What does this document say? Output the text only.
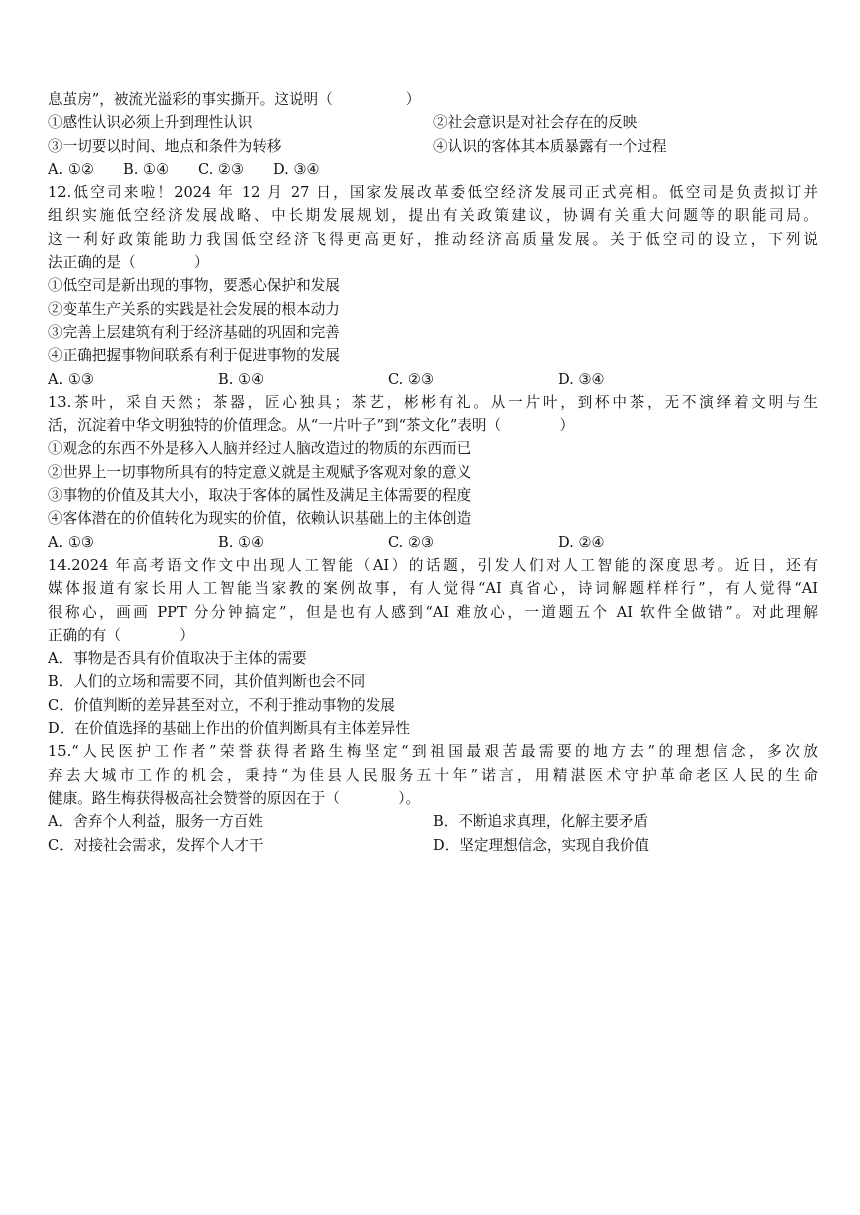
息茧房”，被流光溢彩的事实撕开。这说明（　　　　　）
①感性认识必须上升到理性认识	②社会意识是对社会存在的反映
③一切要以时间、地点和条件为转移	④认识的客体其本质暴露有一个过程
A. ①②	B. ①④	C. ②③	D. ③④
12.低空司来啦！2024 年 12 月 27 日，国家发展改革委低空经济发展司正式亮相。低空司是负责拟订并
组织实施低空经济发展战略、中长期发展规划，提出有关政策建议，协调有关重大问题等的职能司局。
这一利好政策能助力我国低空经济飞得更高更好，推动经济高质量发展。关于低空司的设立，下列说
法正确的是（　　　　）
①低空司是新出现的事物，要悉心保护和发展
②变革生产关系的实践是社会发展的根本动力
③完善上层建筑有利于经济基础的巩固和完善
④正确把握事物间联系有利于促进事物的发展
A. ①③	B. ①④	C. ②③	D. ③④
13.茶叶，采自天然；茶器，匠心独具；茶艺，彬彬有礼。从一片叶，到杯中茶，无不演绎着文明与生
活，沉淀着中华文明独特的价值理念。从“一片叶子”到“茶文化”表明（　　　　）
①观念的东西不外是移入人脑并经过人脑改造过的物质的东西而已
②世界上一切事物所具有的特定意义就是主观赋予客观对象的意义
③事物的价值及其大小，取决于客体的属性及满足主体需要的程度
④客体潜在的价值转化为现实的价值，依赖认识基础上的主体创造
A. ①③	B. ①④	C. ②③	D. ②④
14.2024 年高考语文作文中出现人工智能（AI）的话题，引发人们对人工智能的深度思考。近日，还有
媒体报道有家长用人工智能当家教的案例故事，有人觉得“AI 真省心，诗词解题样样行”，有人觉得“AI
很称心，画画 PPT 分分钟搞定”，但是也有人感到“AI 难放心，一道题五个 AI 软件全做错”。对此理解
正确的有（　　　　）
A．事物是否具有价值取决于主体的需要
B．人们的立场和需要不同，其价值判断也会不同
C．价值判断的差异甚至对立，不利于推动事物的发展
D．在价值选择的基础上作出的价值判断具有主体差异性
15.“人民医护工作者”荣誉获得者路生梅坚定“到祖国最艰苦最需要的地方去”的理想信念，多次放
弃去大城市工作的机会，秉持“为佳县人民服务五十年”诺言，用精湛医术守护革命老区人民的生命
健康。路生梅获得极高社会赞誉的原因在于（　　　　）。
A．舍弃个人利益，服务一方百姓	B．不断追求真理，化解主要矛盾
C．对接社会需求，发挥个人才干	D．坚定理想信念，实现自我价值
